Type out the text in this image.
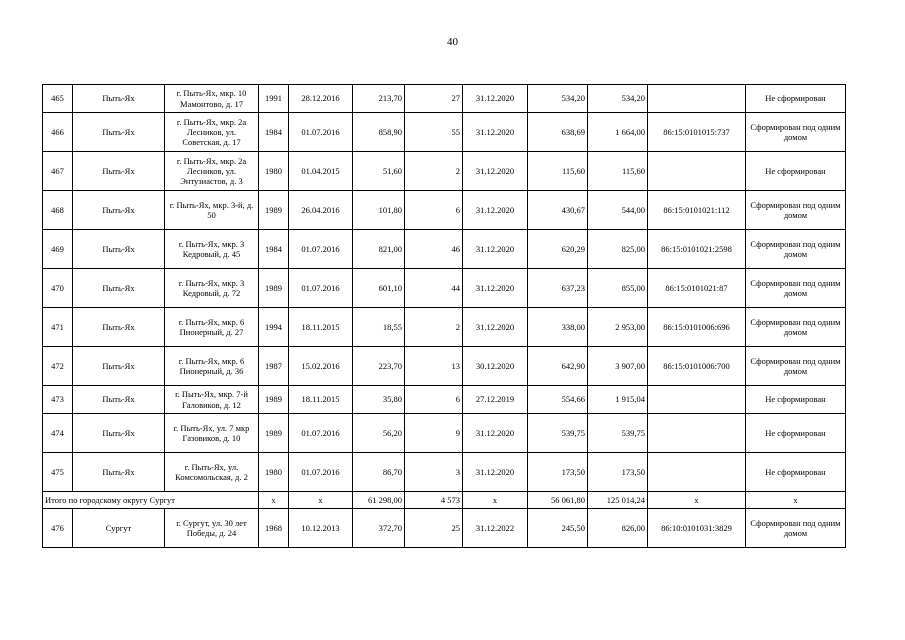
40
465	Пыть-Ях	г. Пыть-Ях, мкр. 10 Мамонтово, д. 17	1991	28.12.2016	213,70	27	31.12.2020	534,20	534,20		Не сформирован
466	Пыть-Ях	г. Пыть-Ях, мкр. 2а Лесников, ул. Советская, д. 17	1984	01.07.2016	858,90	55	31.12.2020	638,69	1 664,00	86:15:0101015:737	Сформирован под одним домом
467	Пыть-Ях	г. Пыть-Ях, мкр. 2а Лесников, ул. Энтузиастов, д. 3	1980	01.04.2015	51,60	2	31.12.2020	115,60	115,60		Не сформирован
468	Пыть-Ях	г. Пыть-Ях, мкр. 3-й, д. 50	1989	26.04.2016	101,80	6	31.12.2020	430,67	544,00	86:15:0101021:112	Сформирован под одним домом
469	Пыть-Ях	г. Пыть-Ях, мкр. 3 Кедровый, д. 45	1984	01.07.2016	821,00	46	31.12.2020	620,29	825,00	86:15:0101021:2598	Сформирован под одним домом
470	Пыть-Ях	г. Пыть-Ях, мкр. 3 Кедровый, д. 72	1989	01.07.2016	601,10	44	31.12.2020	637,23	855,00	86:15:0101021:87	Сформирован под одним домом
471	Пыть-Ях	г. Пыть-Ях, мкр. 6 Пионерный, д. 27	1994	18.11.2015	18,55	2	31.12.2020	338,00	2 953,00	86:15:0101006:696	Сформирован под одним домом
472	Пыть-Ях	г. Пыть-Ях, мкр. 6 Пионерный, д. 36	1987	15.02.2016	223,70	13	30.12.2020	642,90	3 907,00	86:15:0101006:700	Сформирован под одним домом
473	Пыть-Ях	г. Пыть-Ях, мкр. 7-й Галовиков, д. 12	1989	18.11.2015	35,80	6	27.12.2019	554,66	1 915,04		Не сформирован
474	Пыть-Ях	г. Пыть-Ях, ул. 7 мкр Газовиков, д. 10	1989	01.07.2016	56,20	9	31.12.2020	539,75	539,75		Не сформирован
475	Пыть-Ях	г. Пыть-Ях, ул. Комсомольская, д. 2	1980	01.07.2016	86,70	3	31.12.2020	173,50	173,50		Не сформирован
Итого по городскому округу Сургут			x	x	61 298,00	4 573	x	56 061,80	125 014,24	x	x
476	Сургут	г. Сургут, ул. 30 лет Победы, д. 24	1968	10.12.2013	372,70	25	31.12.2022	245,50	826,00	86:10:0101031:3829	Сформирован под одним домом
